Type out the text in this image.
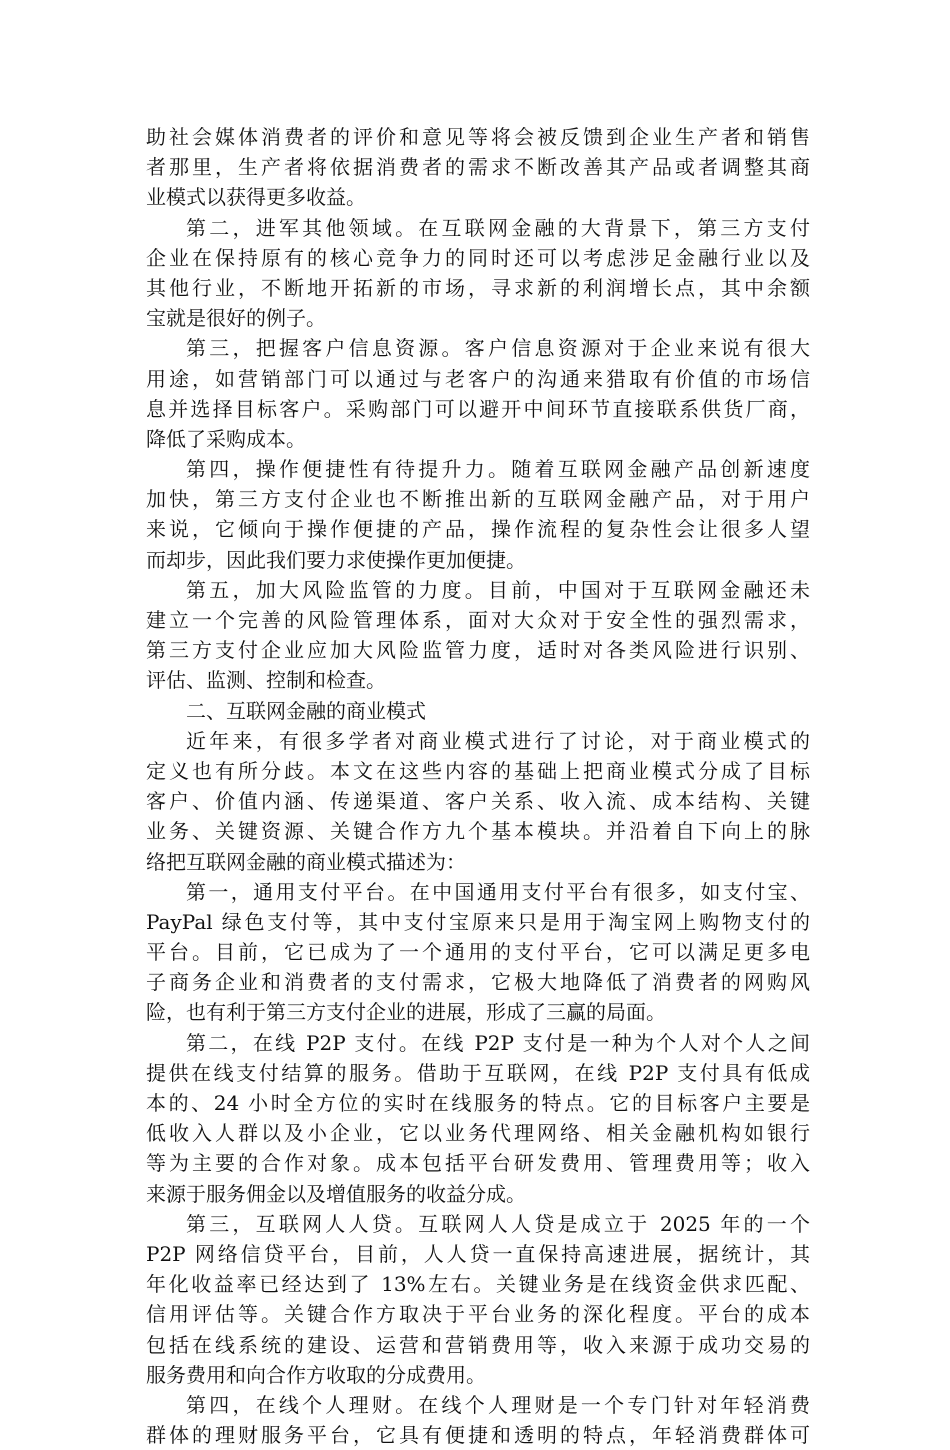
助社会媒体消费者的评价和意见等将会被反馈到企业生产者和销售
者那里，生产者将依据消费者的需求不断改善其产品或者调整其商
业模式以获得更多收益。
第二，进军其他领域。在互联网金融的大背景下，第三方支付
企业在保持原有的核心竞争力的同时还可以考虑涉足金融行业以及
其他行业，不断地开拓新的市场，寻求新的利润增长点，其中余额
宝就是很好的例子。
第三，把握客户信息资源。客户信息资源对于企业来说有很大
用途，如营销部门可以通过与老客户的沟通来猎取有价值的市场信
息并选择目标客户。采购部门可以避开中间环节直接联系供货厂商，
降低了采购成本。
第四，操作便捷性有待提升力。随着互联网金融产品创新速度
加快，第三方支付企业也不断推出新的互联网金融产品，对于用户
来说，它倾向于操作便捷的产品，操作流程的复杂性会让很多人望
而却步，因此我们要力求使操作更加便捷。
第五，加大风险监管的力度。目前，中国对于互联网金融还未
建立一个完善的风险管理体系，面对大众对于安全性的强烈需求，
第三方支付企业应加大风险监管力度，适时对各类风险进行识别、
评估、监测、控制和检查。
二、互联网金融的商业模式
近年来，有很多学者对商业模式进行了讨论，对于商业模式的
定义也有所分歧。本文在这些内容的基础上把商业模式分成了目标
客户、价值内涵、传递渠道、客户关系、收入流、成本结构、关键
业务、关键资源、关键合作方九个基本模块。并沿着自下向上的脉
络把互联网金融的商业模式描述为：
第一，通用支付平台。在中国通用支付平台有很多，如支付宝、
PayPal 绿色支付等，其中支付宝原来只是用于淘宝网上购物支付的
平台。目前，它已成为了一个通用的支付平台，它可以满足更多电
子商务企业和消费者的支付需求，它极大地降低了消费者的网购风
险，也有利于第三方支付企业的进展，形成了三赢的局面。
第二，在线 P2P 支付。在线 P2P 支付是一种为个人对个人之间
提供在线支付结算的服务。借助于互联网，在线 P2P 支付具有低成
本的、24 小时全方位的实时在线服务的特点。它的目标客户主要是
低收入人群以及小企业，它以业务代理网络、相关金融机构如银行
等为主要的合作对象。成本包括平台研发费用、管理费用等；收入
来源于服务佣金以及增值服务的收益分成。
第三，互联网人人贷。互联网人人贷是成立于 2025 年的一个
P2P 网络信贷平台，目前，人人贷一直保持高速进展，据统计，其
年化收益率已经达到了 13%左右。关键业务是在线资金供求匹配、
信用评估等。关键合作方取决于平台业务的深化程度。平台的成本
包括在线系统的建设、运营和营销费用等，收入来源于成功交易的
服务费用和向合作方收取的分成费用。
第四，在线个人理财。在线个人理财是一个专门针对年轻消费
群体的理财服务平台，它具有便捷和透明的特点，年轻消费群体可
